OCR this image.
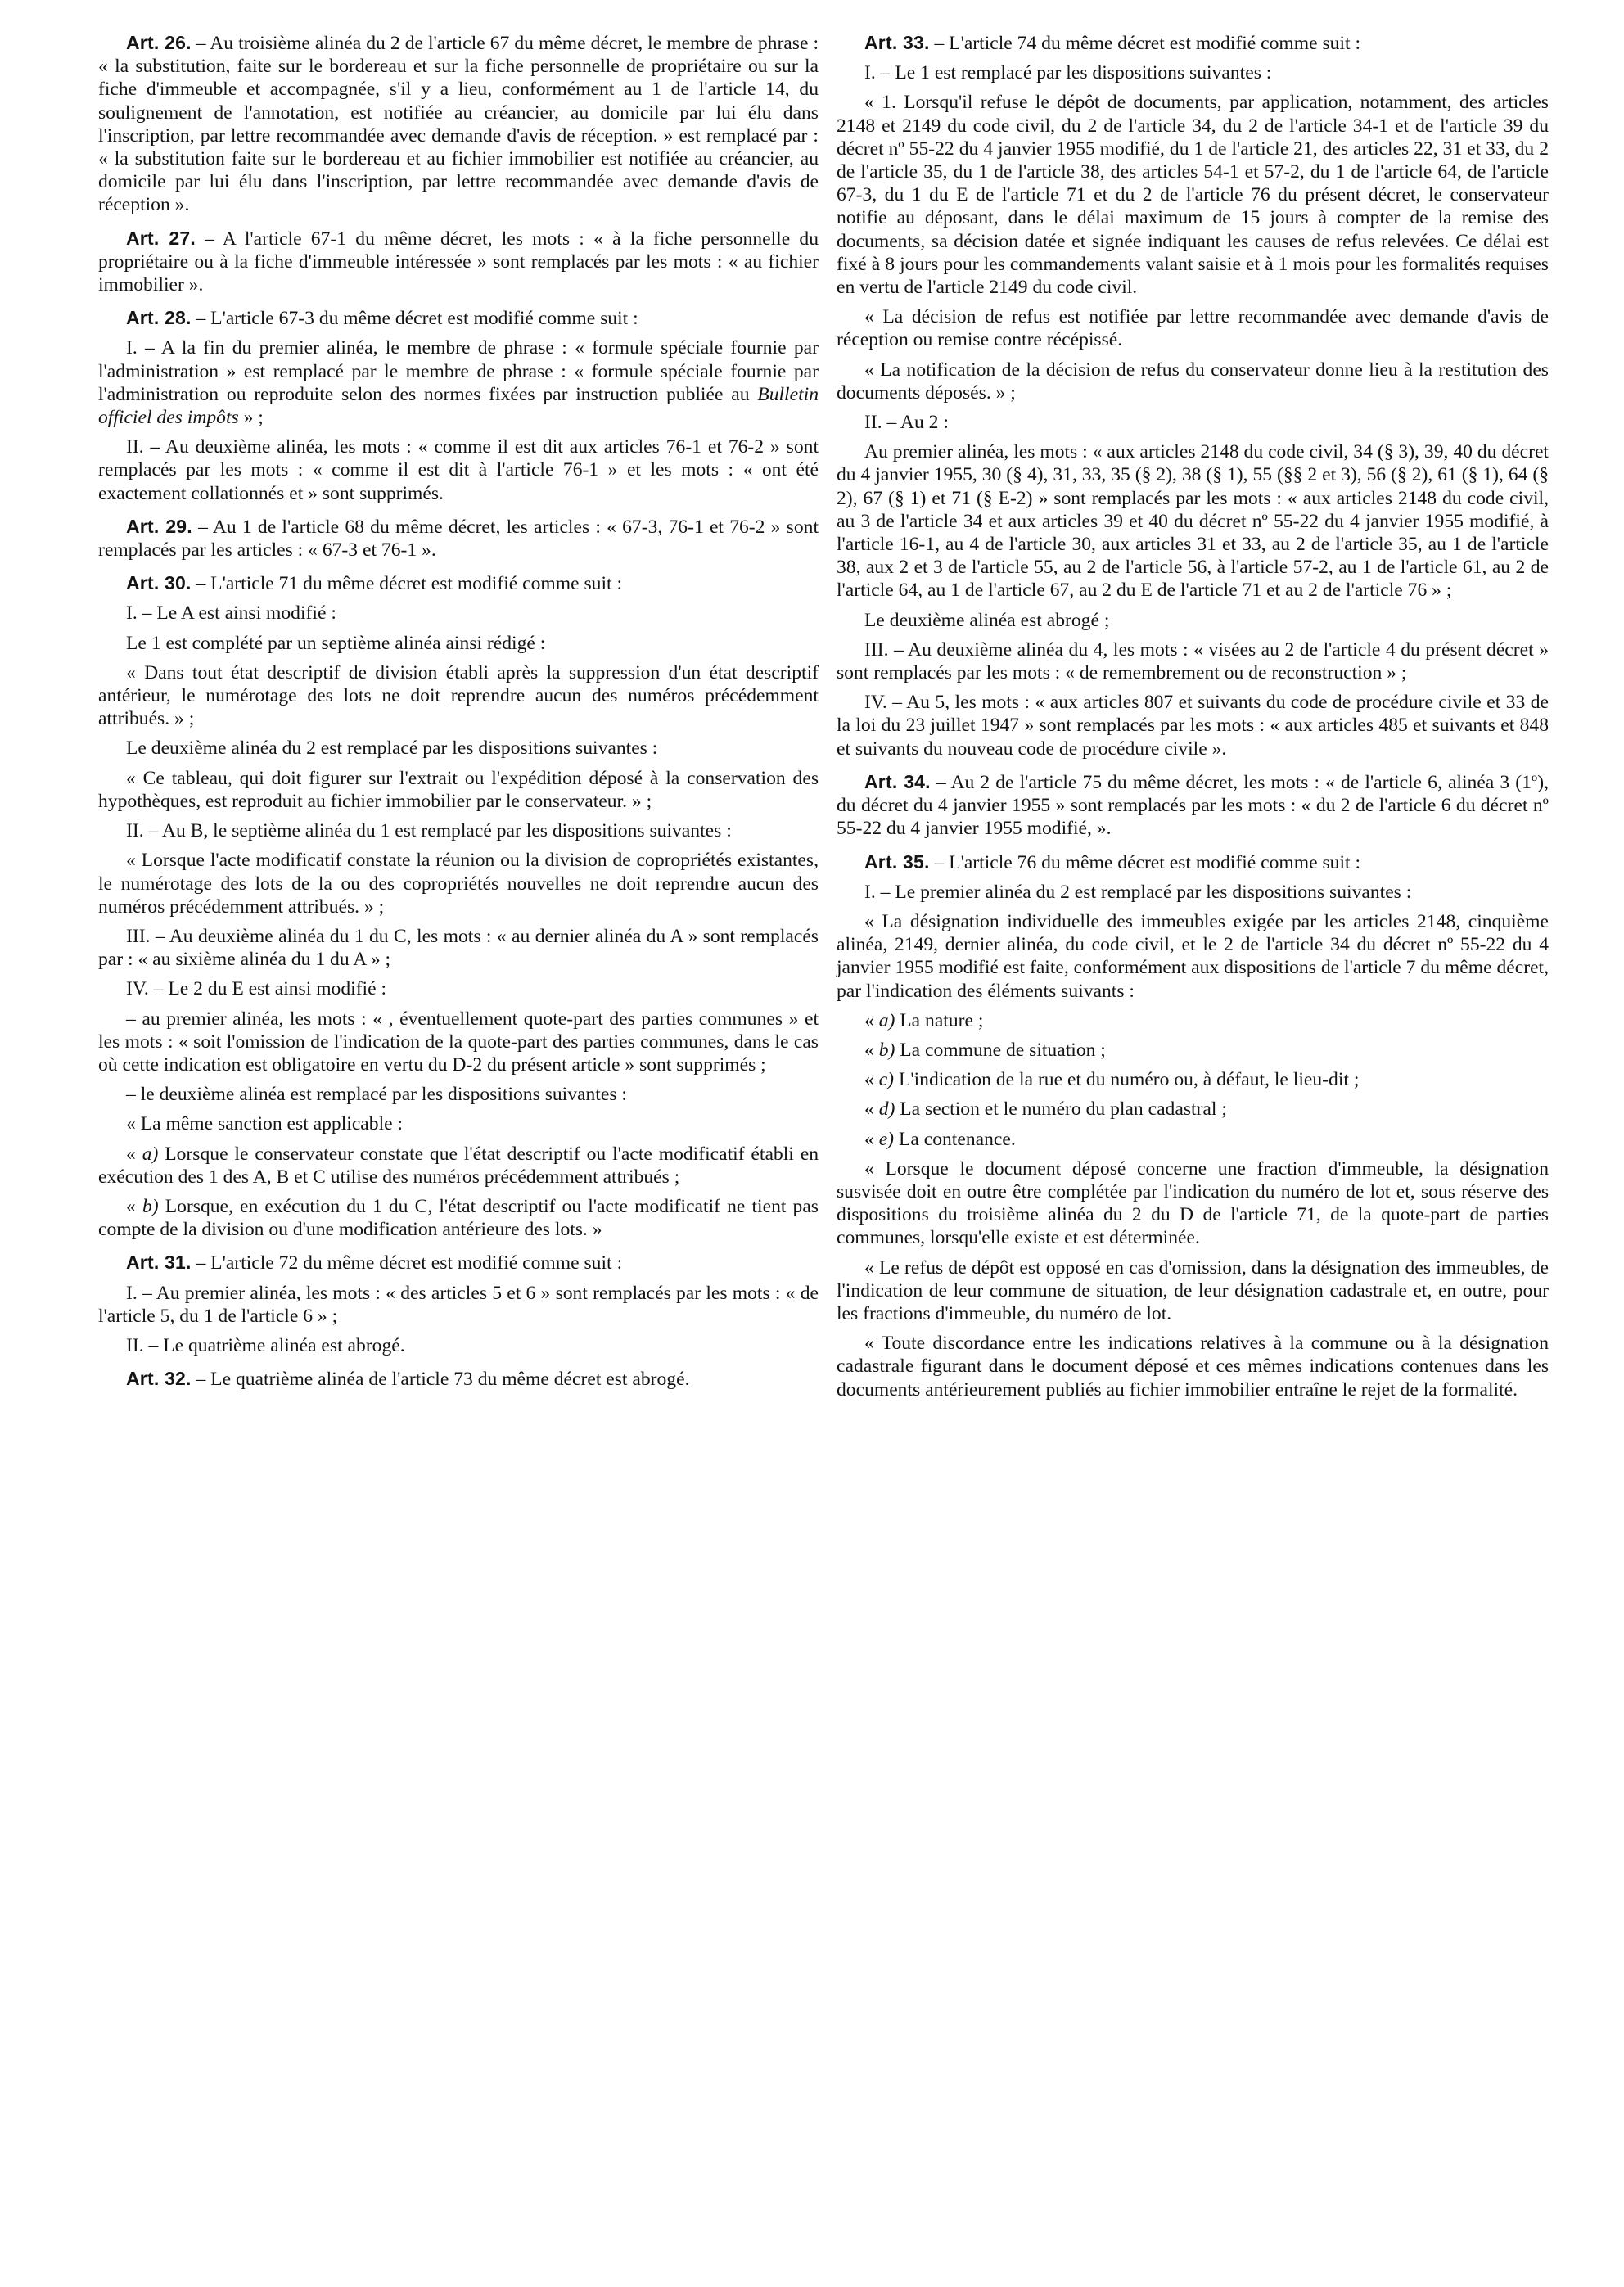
Art. 26. – Au troisième alinéa du 2 de l'article 67 du même décret, le membre de phrase : « la substitution, faite sur le bordereau et sur la fiche personnelle de propriétaire ou sur la fiche d'immeuble et accompagnée, s'il y a lieu, conformément au 1 de l'article 14, du soulignement de l'annotation, est notifiée au créancier, au domicile par lui élu dans l'inscription, par lettre recommandée avec demande d'avis de réception. » est remplacé par : « la substitution faite sur le bordereau et au fichier immobilier est notifiée au créancier, au domicile par lui élu dans l'inscription, par lettre recommandée avec demande d'avis de réception ».

Art. 27. – A l'article 67-1 du même décret, les mots : « à la fiche personnelle du propriétaire ou à la fiche d'immeuble intéressée » sont remplacés par les mots : « au fichier immobilier ».

Art. 28. – L'article 67-3 du même décret est modifié comme suit :

I. – A la fin du premier alinéa, le membre de phrase : « formule spéciale fournie par l'administration » est remplacé par le membre de phrase : « formule spéciale fournie par l'administration ou reproduite selon des normes fixées par instruction publiée au Bulletin officiel des impôts » ;

II. – Au deuxième alinéa, les mots : « comme il est dit aux articles 76-1 et 76-2 » sont remplacés par les mots : « comme il est dit à l'article 76-1 » et les mots : « ont été exactement collationnés et » sont supprimés.

Art. 29. – Au 1 de l'article 68 du même décret, les articles : « 67-3, 76-1 et 76-2 » sont remplacés par les articles : « 67-3 et 76-1 ».

Art. 30. – L'article 71 du même décret est modifié comme suit :

I. – Le A est ainsi modifié :

Le 1 est complété par un septième alinéa ainsi rédigé :

« Dans tout état descriptif de division établi après la suppression d'un état descriptif antérieur, le numérotage des lots ne doit reprendre aucun des numéros précédemment attribués. » ;

Le deuxième alinéa du 2 est remplacé par les dispositions suivantes :

« Ce tableau, qui doit figurer sur l'extrait ou l'expédition déposé à la conservation des hypothèques, est reproduit au fichier immobilier par le conservateur. » ;

II. – Au B, le septième alinéa du 1 est remplacé par les dispositions suivantes :

« Lorsque l'acte modificatif constate la réunion ou la division de copropriétés existantes, le numérotage des lots de la ou des copropriétés nouvelles ne doit reprendre aucun des numéros précédemment attribués. » ;

III. – Au deuxième alinéa du 1 du C, les mots : « au dernier alinéa du A » sont remplacés par : « au sixième alinéa du 1 du A » ;

IV. – Le 2 du E est ainsi modifié :

– au premier alinéa, les mots : « , éventuellement quote-part des parties communes » et les mots : « soit l'omission de l'indication de la quote-part des parties communes, dans le cas où cette indication est obligatoire en vertu du D-2 du présent article » sont supprimés ;

– le deuxième alinéa est remplacé par les dispositions suivantes :

« La même sanction est applicable :

« a) Lorsque le conservateur constate que l'état descriptif ou l'acte modificatif établi en exécution des 1 des A, B et C utilise des numéros précédemment attribués ;

« b) Lorsque, en exécution du 1 du C, l'état descriptif ou l'acte modificatif ne tient pas compte de la division ou d'une modification antérieure des lots. »

Art. 31. – L'article 72 du même décret est modifié comme suit :

I. – Au premier alinéa, les mots : « des articles 5 et 6 » sont remplacés par les mots : « de l'article 5, du 1 de l'article 6 » ;

II. – Le quatrième alinéa est abrogé.

Art. 32. – Le quatrième alinéa de l'article 73 du même décret est abrogé.

Art. 33. – L'article 74 du même décret est modifié comme suit :

I. – Le 1 est remplacé par les dispositions suivantes :

« 1. Lorsqu'il refuse le dépôt de documents, par application, notamment, des articles 2148 et 2149 du code civil, du 2 de l'article 34, du 2 de l'article 34-1 et de l'article 39 du décret nº 55-22 du 4 janvier 1955 modifié, du 1 de l'article 21, des articles 22, 31 et 33, du 2 de l'article 35, du 1 de l'article 38, des articles 54-1 et 57-2, du 1 de l'article 64, de l'article 67-3, du 1 du E de l'article 71 et du 2 de l'article 76 du présent décret, le conservateur notifie au déposant, dans le délai maximum de 15 jours à compter de la remise des documents, sa décision datée et signée indiquant les causes de refus relevées. Ce délai est fixé à 8 jours pour les commandements valant saisie et à 1 mois pour les formalités requises en vertu de l'article 2149 du code civil.

« La décision de refus est notifiée par lettre recommandée avec demande d'avis de réception ou remise contre récépissé.

« La notification de la décision de refus du conservateur donne lieu à la restitution des documents déposés. » ;

II. – Au 2 :

Au premier alinéa, les mots : « aux articles 2148 du code civil, 34 (§ 3), 39, 40 du décret du 4 janvier 1955, 30 (§ 4), 31, 33, 35 (§ 2), 38 (§ 1), 55 (§§ 2 et 3), 56 (§ 2), 61 (§ 1), 64 (§ 2), 67 (§ 1) et 71 (§ E-2) » sont remplacés par les mots : « aux articles 2148 du code civil, au 3 de l'article 34 et aux articles 39 et 40 du décret nº 55-22 du 4 janvier 1955 modifié, à l'article 16-1, au 4 de l'article 30, aux articles 31 et 33, au 2 de l'article 35, au 1 de l'article 38, aux 2 et 3 de l'article 55, au 2 de l'article 56, à l'article 57-2, au 1 de l'article 61, au 2 de l'article 64, au 1 de l'article 67, au 2 du E de l'article 71 et au 2 de l'article 76 » ;

Le deuxième alinéa est abrogé ;

III. – Au deuxième alinéa du 4, les mots : « visées au 2 de l'article 4 du présent décret » sont remplacés par les mots : « de remembrement ou de reconstruction » ;

IV. – Au 5, les mots : « aux articles 807 et suivants du code de procédure civile et 33 de la loi du 23 juillet 1947 » sont remplacés par les mots : « aux articles 485 et suivants et 848 et suivants du nouveau code de procédure civile ».

Art. 34. – Au 2 de l'article 75 du même décret, les mots : « de l'article 6, alinéa 3 (1º), du décret du 4 janvier 1955 » sont remplacés par les mots : « du 2 de l'article 6 du décret nº 55-22 du 4 janvier 1955 modifié, ».

Art. 35. – L'article 76 du même décret est modifié comme suit :

I. – Le premier alinéa du 2 est remplacé par les dispositions suivantes :

« La désignation individuelle des immeubles exigée par les articles 2148, cinquième alinéa, 2149, dernier alinéa, du code civil, et le 2 de l'article 34 du décret nº 55-22 du 4 janvier 1955 modifié est faite, conformément aux dispositions de l'article 7 du même décret, par l'indication des éléments suivants :

« a) La nature ;

« b) La commune de situation ;

« c) L'indication de la rue et du numéro ou, à défaut, le lieu-dit ;

« d) La section et le numéro du plan cadastral ;

« e) La contenance.

« Lorsque le document déposé concerne une fraction d'immeuble, la désignation susvisée doit en outre être complétée par l'indication du numéro de lot et, sous réserve des dispositions du troisième alinéa du 2 du D de l'article 71, de la quote-part de parties communes, lorsqu'elle existe et est déterminée.

« Le refus de dépôt est opposé en cas d'omission, dans la désignation des immeubles, de l'indication de leur commune de situation, de leur désignation cadastrale et, en outre, pour les fractions d'immeuble, du numéro de lot.

« Toute discordance entre les indications relatives à la commune ou à la désignation cadastrale figurant dans le document déposé et ces mêmes indications contenues dans les documents antérieurement publiés au fichier immobilier entraîne le rejet de la formalité.
